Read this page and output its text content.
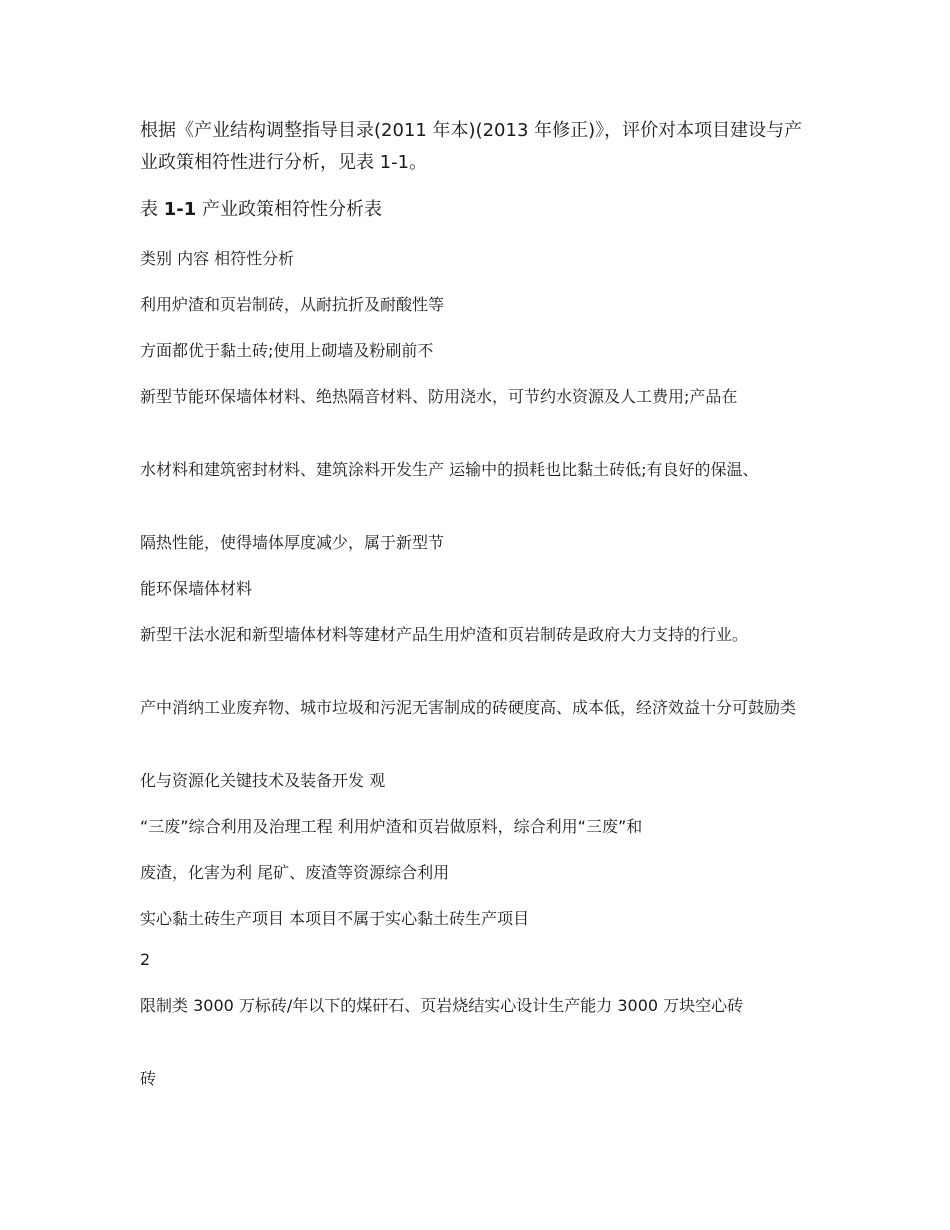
根据《产业结构调整指导目录(2011 年本)(2013 年修正)》，评价对本项目建设与产业政策相符性进行分析，见表 1-1。

表 1-1 产业政策相符性分析表

类别 内容 相符性分析

利用炉渣和页岩制砖，从耐抗折及耐酸性等

方面都优于黏土砖;使用上砌墙及粉刷前不

新型节能环保墙体材料、绝热隔音材料、防用浇水，可节约水资源及人工费用;产品在

水材料和建筑密封材料、建筑涂料开发生产 运输中的损耗也比黏土砖低;有良好的保温、

隔热性能，使得墙体厚度减少，属于新型节

能环保墙体材料

新型干法水泥和新型墙体材料等建材产品生用炉渣和页岩制砖是政府大力支持的行业。

产中消纳工业废弃物、城市垃圾和污泥无害制成的砖硬度高、成本低，经济效益十分可鼓励类

化与资源化关键技术及装备开发 观

“三废”综合利用及治理工程 利用炉渣和页岩做原料，综合利用“三废”和

废渣，化害为利 尾矿、废渣等资源综合利用

实心黏土砖生产项目 本项目不属于实心黏土砖生产项目

2

限制类 3000 万标砖/年以下的煤矸石、页岩烧结实心设计生产能力 3000 万块空心砖

砖
